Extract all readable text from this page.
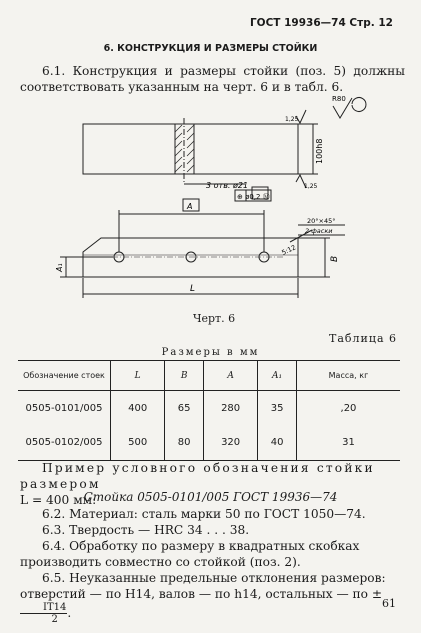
ГОСТ 19936—74 Стр. 12
6. КОНСТРУКЦИЯ И РАЗМЕРЫ СТОЙКИ
6.1. Конструкция и размеры стойки (поз. 5) должны соответствовать указанным на черт. 6 и в табл. 6.
R80
1,25
1,25
100h8
3 отв. ø21
⊕ ø0,2 Ⓜ
A
20°×45°
2 фаски
5:12
B
A₁
L
Черт. 6
Таблица 6
Размеры в мм
Обозначение стоек	L	B	A	A₁	Масса, кг
0505-0101/005	400	65	280	35	,20
0505-0102/005	500	80	320	40	31
Пример условного обозначения стойки размером
L = 400 мм:
Стойка 0505-0101/005 ГОСТ 19936—74
6.2. Материал: сталь марки 50 по ГОСТ 1050—74.
6.3. Твердость — HRC 34 . . . 38.
6.4. Обработку по размеру в квадратных скобках производить совместно со стойкой (поз. 2).
6.5. Неуказанные предельные отклонения размеров: отверстий — по H14, валов — по h14, остальных — по ±
$\frac{IT14}{2}$ .
61
